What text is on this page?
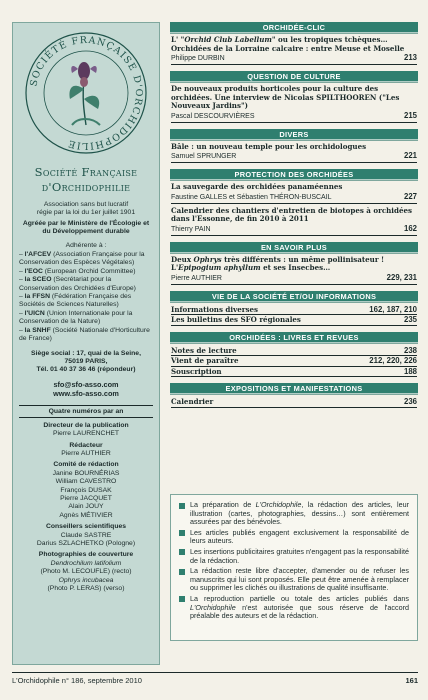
SOCIÉTÉ FRANÇAISE D'ORCHIDOPHILIE
Société Française
d'Orchidophilie
Association sans but lucratif
régie par la loi du 1er juillet 1901
Agréée par le Ministère de l'Écologie et
du Développement durable
Adhérente à :
– l'AFCEV (Association Française pour la Conservation des Espèces Végétales)
– l'EOC (European Orchid Committee)
– la SCEO (Secrétariat pour la Conservation des Orchidées d'Europe)
– la FFSN (Fédération Française des Sociétés de Sciences Naturelles)
– l'UICN (Union Internationale pour la Conservation de la Nature)
– la SNHF (Société Nationale d'Horticulture de France)
Siège social : 17, quai de la Seine,
75019 PARIS,
Tél. 01 40 37 36 46 (répondeur)
sfo@sfo-asso.com
www.sfo-asso.com
Quatre numéros par an
Directeur de la publication
Pierre LAURENCHET
Rédacteur
Pierre AUTHIER
Comité de rédaction
Janine BOURNÉRIAS
William CAVESTRO
François DUSAK
Pierre JACQUET
Alain JOUY
Agnès MÉTIVIER
Conseillers scientifiques
Claude SASTRE
Darius SZLACHETKO (Pologne)
Photographies de couverture
Dendrochilum latifolium
(Photo M. LECOUFLE) (recto)
Ophrys incubacea
(Photo P. LERAS) (verso)
ORCHIDÉE-CLIC
L' "Orchid Club Labellum" ou les tropiques tchèques…
Orchidées de la Lorraine calcaire : entre Meuse et Moselle
Philippe DURBIN	213
QUESTION DE CULTURE
De nouveaux produits horticoles pour la culture des orchidées. Une interview de Nicolas SPILTHOOREN ("Les Nouveaux Jardins")
Pascal DESCOURVIÈRES	215
DIVERS
Bâle : un nouveau temple pour les orchidologues
Samuel SPRUNGER	221
PROTECTION DES ORCHIDÉES
La sauvegarde des orchidées panaméennes
Faustine GALLES et Sébastien THÉRON-BUSCAIL	227
Calendrier des chantiers d'entretien de biotopes à orchidées dans l'Essonne, de fin 2010 à 2011
Thierry PAIN	162
EN SAVOIR PLUS
Deux Ophrys très différents : un même pollinisateur !
L'Epipogium aphyllum et ses Insecbes…
Pierre AUTHIER	229, 231
VIE DE LA SOCIÉTÉ ET/OU INFORMATIONS
Informations diverses	162, 187, 210
Les bulletins des SFO régionales	235
ORCHIDÉES : LIVRES ET REVUES
Notes de lecture	238
Vient de paraître	212, 220, 226
Souscription	188
EXPOSITIONS ET MANIFESTATIONS
Calendrier	236
La préparation de L'Orchidophile, la rédaction des articles, leur illustration (cartes, photographies, dessins…) sont entièrement assurées par des bénévoles.
Les articles publiés engagent exclusivement la responsabilité de leurs auteurs.
Les insertions publicitaires gratuites n'engagent pas la responsabilité de la rédaction.
La rédaction reste libre d'accepter, d'amender ou de refuser les manuscrits qui lui sont proposés. Elle peut être amenée à remplacer ou supprimer les clichés ou illustrations de qualité insuffisante.
La reproduction partielle ou totale des articles publiés dans L'Orchidophile n'est autorisée que sous réserve de l'accord préalable des auteurs et de la rédaction.
L'Orchidophile n° 186, septembre 2010	161
